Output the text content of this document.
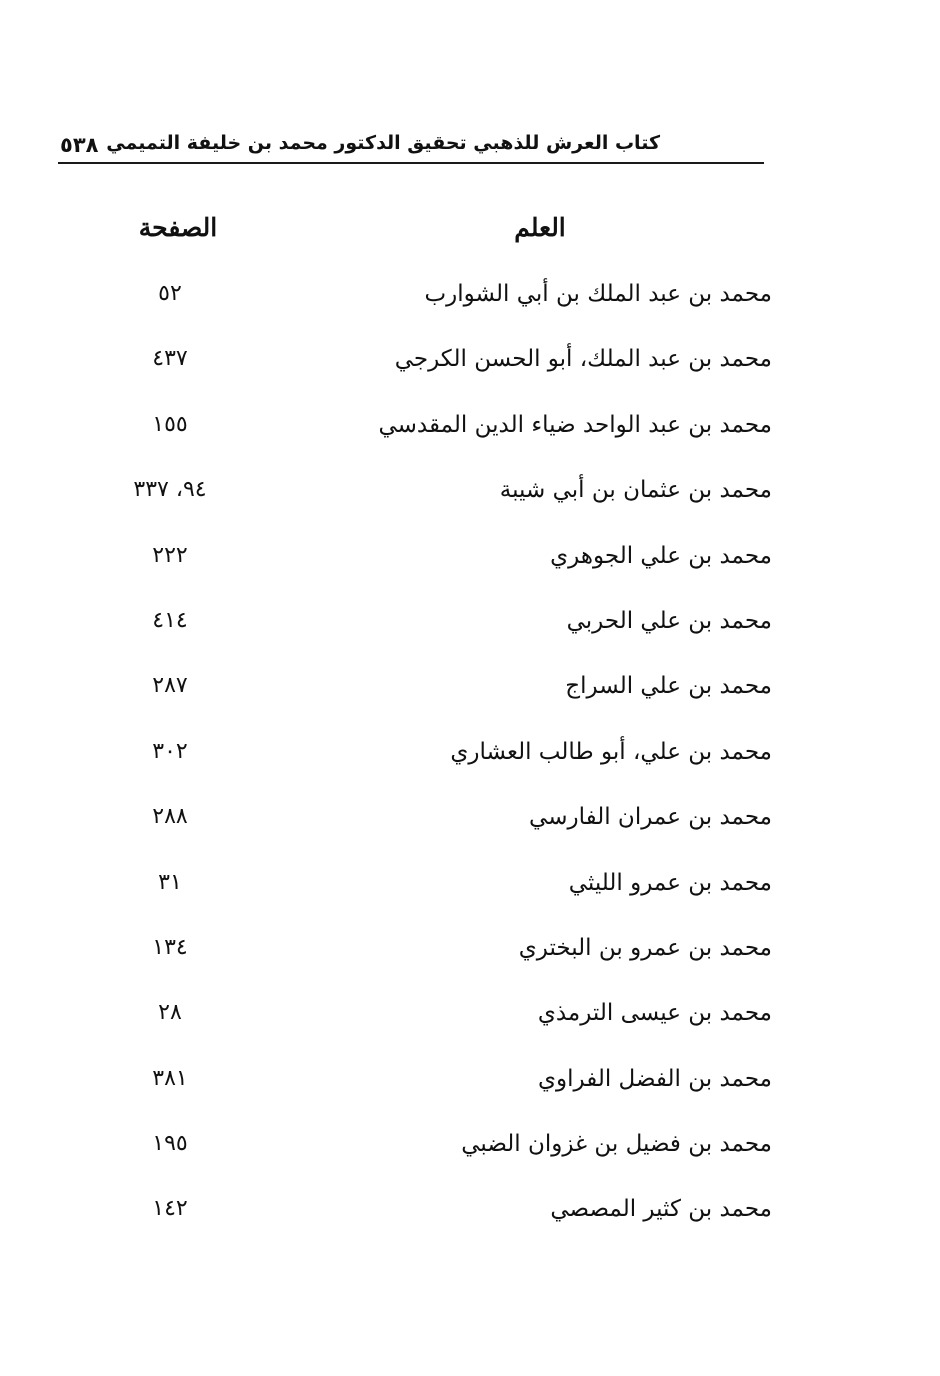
كتاب العرش للذهبي تحقيق الدكتور محمد بن خليفة التميمي
٥٣٨
العلم
الصفحة
محمد بن عبد الملك بن أبي الشوارب
٥٢
محمد بن عبد الملك، أبو الحسن الكرجي
٤٣٧
محمد بن عبد الواحد ضياء الدين المقدسي
١٥٥
محمد بن عثمان بن أبي شيبة
٩٤، ٣٣٧
محمد بن علي الجوهري
٢٢٢
محمد بن علي الحربي
٤١٤
محمد بن علي السراج
٢٨٧
محمد بن علي، أبو طالب العشاري
٣٠٢
محمد بن عمران الفارسي
٢٨٨
محمد بن عمرو الليثي
٣١
محمد بن عمرو بن البختري
١٣٤
محمد بن عيسى الترمذي
٢٨
محمد بن الفضل الفراوي
٣٨١
محمد بن فضيل بن غزوان الضبي
١٩٥
محمد بن كثير المصصي
١٤٢
